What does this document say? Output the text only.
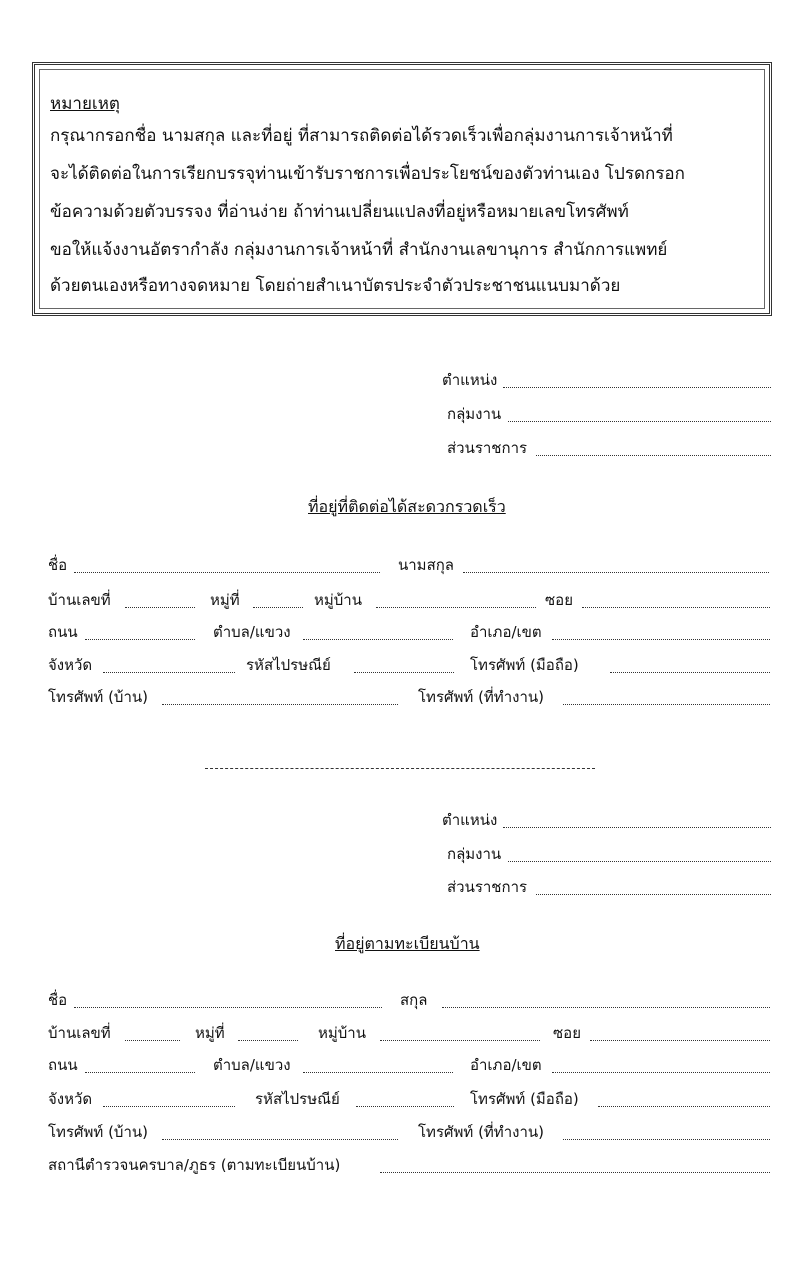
หมายเหตุ
กรุณากรอกชื่อ นามสกุล และที่อยู่ ที่สามารถติดต่อได้รวดเร็วเพื่อกลุ่มงานการเจ้าหน้าที่
จะได้ติดต่อในการเรียกบรรจุท่านเข้ารับราชการเพื่อประโยชน์ของตัวท่านเอง โปรดกรอก
ข้อความด้วยตัวบรรจง ที่อ่านง่าย ถ้าท่านเปลี่ยนแปลงที่อยู่หรือหมายเลขโทรศัพท์
ขอให้แจ้งงานอัตรากำลัง กลุ่มงานการเจ้าหน้าที่ สำนักงานเลขานุการ สำนักการแพทย์
ด้วยตนเองหรือทางจดหมาย โดยถ่ายสำเนาบัตรประจำตัวประชาชนแนบมาด้วย
ตำแหน่ง
กลุ่มงาน
ส่วนราชการ
ที่อยู่ที่ติดต่อได้สะดวกรวดเร็ว
ชื่อ	นามสกุล
บ้านเลขที่	หมู่ที่	หมู่บ้าน	ซอย
ถนน	ตำบล/แขวง	อำเภอ/เขต
จังหวัด	รหัสไปรษณีย์	โทรศัพท์ (มือถือ)
โทรศัพท์ (บ้าน)	โทรศัพท์ (ที่ทำงาน)
ตำแหน่ง
กลุ่มงาน
ส่วนราชการ
ที่อยู่ตามทะเบียนบ้าน
ชื่อ	สกุล
บ้านเลขที่	หมู่ที่	หมู่บ้าน	ซอย
ถนน	ตำบล/แขวง	อำเภอ/เขต
จังหวัด	รหัสไปรษณีย์	โทรศัพท์ (มือถือ)
โทรศัพท์ (บ้าน)	โทรศัพท์ (ที่ทำงาน)
สถานีตำรวจนครบาล/ภูธร (ตามทะเบียนบ้าน)
